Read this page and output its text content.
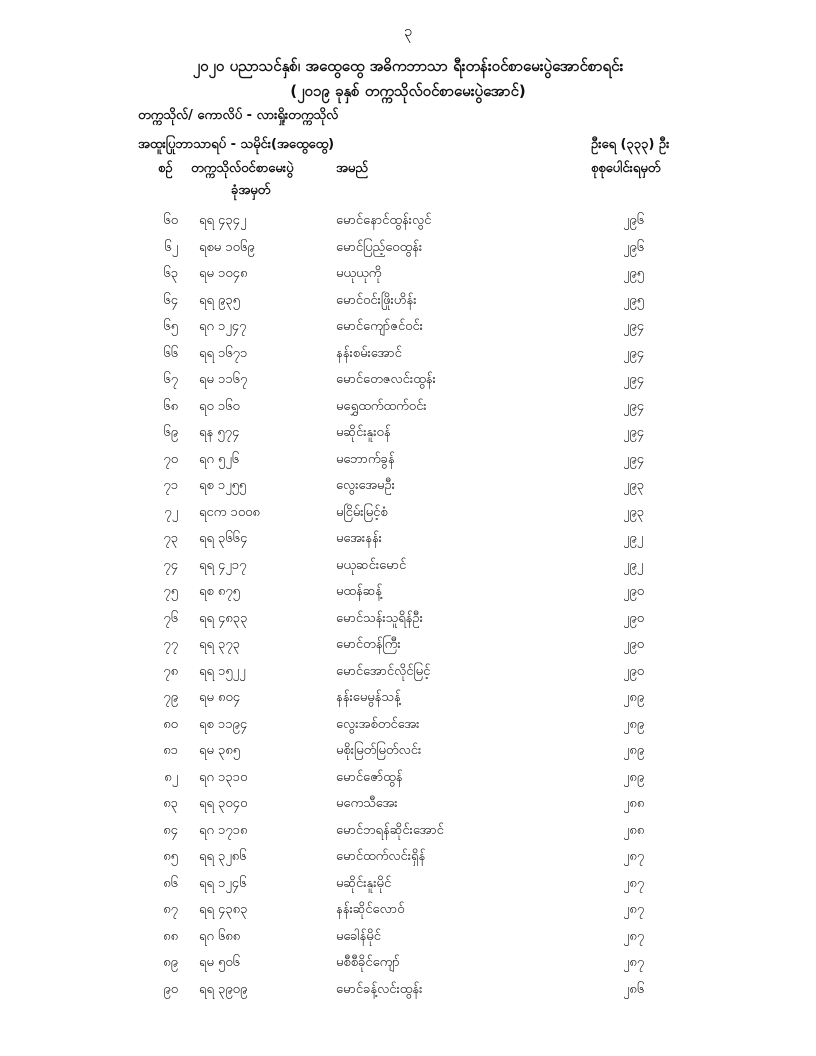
၃
၂၀၂၀ ပညာသင်နှစ်၊ အထွေထွေ အဓိကဘာသာ ရီးတန်းဝင်စာမေးပွဲအောင်စာရင်း
(၂၀၁၉ ခုနှစ် တက္ကသိုလ်ဝင်စာမေးပွဲအောင်)
တက္ကသိုလ်/ ကောလိပ် - လားရှိုးတက္ကသိုလ်
အထူးပြုဘာသာရပ် - သမိုင်း(အထွေထွေ)	ဦးရေ (၃၃၃) ဦး
စဉ် တက္ကသိုလ်ဝင်စာမေးပွဲ
ခုံအမှတ်
အမည်	စုစုပေါင်းရမှတ်
၆၀ ရရ ၄၃၄၂	မောင်နောင်ထွန်းလွင်	၂၉၆
၆၂ ရစမ ၁၀၆၉	မောင်ပြည့်ဝေထွန်း	၂၉၆
၆၃ ရမ ၁၀၄၈	မယုယုကို	၂၉၅
၆၄ ရရ ၉၃၅	မောင်ဝင်းဖြိုးဟိန်း	၂၉၅
၆၅ ရဂ ၁၂၄၇	မောင်ကျော်ဇင်ဝင်း	၂၉၄
၆၆ ရရ ၁၆၇၁	နန်းစမ်းအောင်	၂၉၄
၆၇ ရမ ၁၁၆၇	မောင်တေဇလင်းထွန်း	၂၉၄
၆၈ ရဝ ၁၆၀	မရွှေထက်ထက်ဝင်း	၂၉၄
၆၉ ရန ၅၇၄	မဆိုင်းနူးဝန်	၂၉၄
၇၀ ရဂ ၅၂၆	မဘောက်ခွန်	၂၉၄
၇၁ ရစ ၁၂၅၅	လွေးအေမဦး	၂၉၃
၇၂ ရငက ၁၀၀၈	မငြိမ်းမြင့်စံ	၂၉၃
၇၃ ရရ ၃၆၆၄	မအေးနန်း	၂၉၂
၇၄ ရရ ၄၂၁၇	မယုဆင်းမောင်	၂၉၂
၇၅ ရစ ၈၇၅	မထန်ဆန့်	၂၉၀
၇၆ ရရ ၄၈၃၃	မောင်သန်းသူရိန်ဦး	၂၉၀
၇၇ ရရ ၃၇၃	မောင်တန်ကြီး	၂၉၀
၇၈ ရရ ၁၅၂၂	မောင်အောင်လိုင်မြင့်	၂၉၀
၇၉ ရမ ၈၀၄	နန်းမေမွန်သန့်	၂၈၉
၈၀ ရစ ၁၁၉၄	လွေးအစ်တင်အေး	၂၈၉
၈၁ ရမ ၃၈၅	မစိုးမြတ်မြတ်လင်း	၂၈၉
၈၂ ရဂ ၁၃၁၀	မောင်ဇော်ထွန်	၂၈၉
၈၃ ရရ ၃၀၄၀	မကေသီအေး	၂၈၈
၈၄ ရဂ ၁၇၁၈	မောင်ဘရန်ဆိုင်းအောင်	၂၈၈
၈၅ ရရ ၃၂၈၆	မောင်ထက်လင်းရှိန်	၂၈၇
၈၆ ရရ ၁၂၄၆	မဆိုင်းနူးမိုင်	၂၈၇
၈၇ ရရ ၄၃၈၃	နန်းဆိုင်လောဝ်	၂၈၇
၈၈ ရဂ ၆၈၈	မခေါန်မိုင်	၂၈၇
၈၉ ရမ ၅၀၆	မစီစီခိုင်ကျော်	၂၈၇
၉၀ ရရ ၃၉၀၉	မောင်ခန့်လင်းထွန်း	၂၈၆
